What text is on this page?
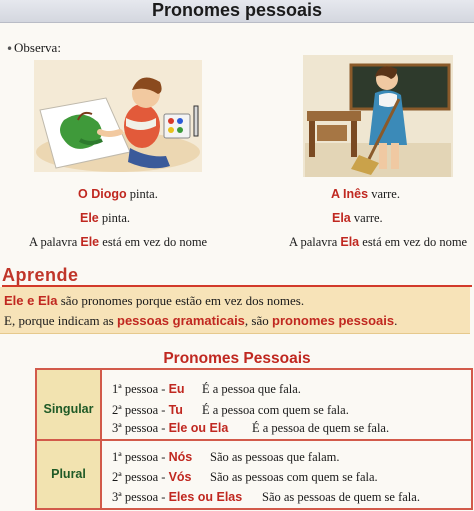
Pronomes pessoais
• Observa:
O Diogo pinta.
Ele pinta.
A palavra Ele está em vez do nome
A Inês varre.
Ela varre.
A palavra Ela está em vez do nome
Aprende
Ele e Ela são pronomes porque estão em vez dos nomes.
E, porque indicam as pessoas gramaticais, são pronomes pessoais.
Pronomes Pessoais
Singular
Plural
1ª pessoa - Eu É a pessoa que fala.
2ª pessoa - Tu É a pessoa com quem se fala.
3ª pessoa - Ele ou Ela É a pessoa de quem se fala.
1ª pessoa - Nós São as pessoas que falam.
2ª pessoa - Vós São as pessoas com quem se fala.
3ª pessoa - Eles ou Elas São as pessoas de quem se fala.
